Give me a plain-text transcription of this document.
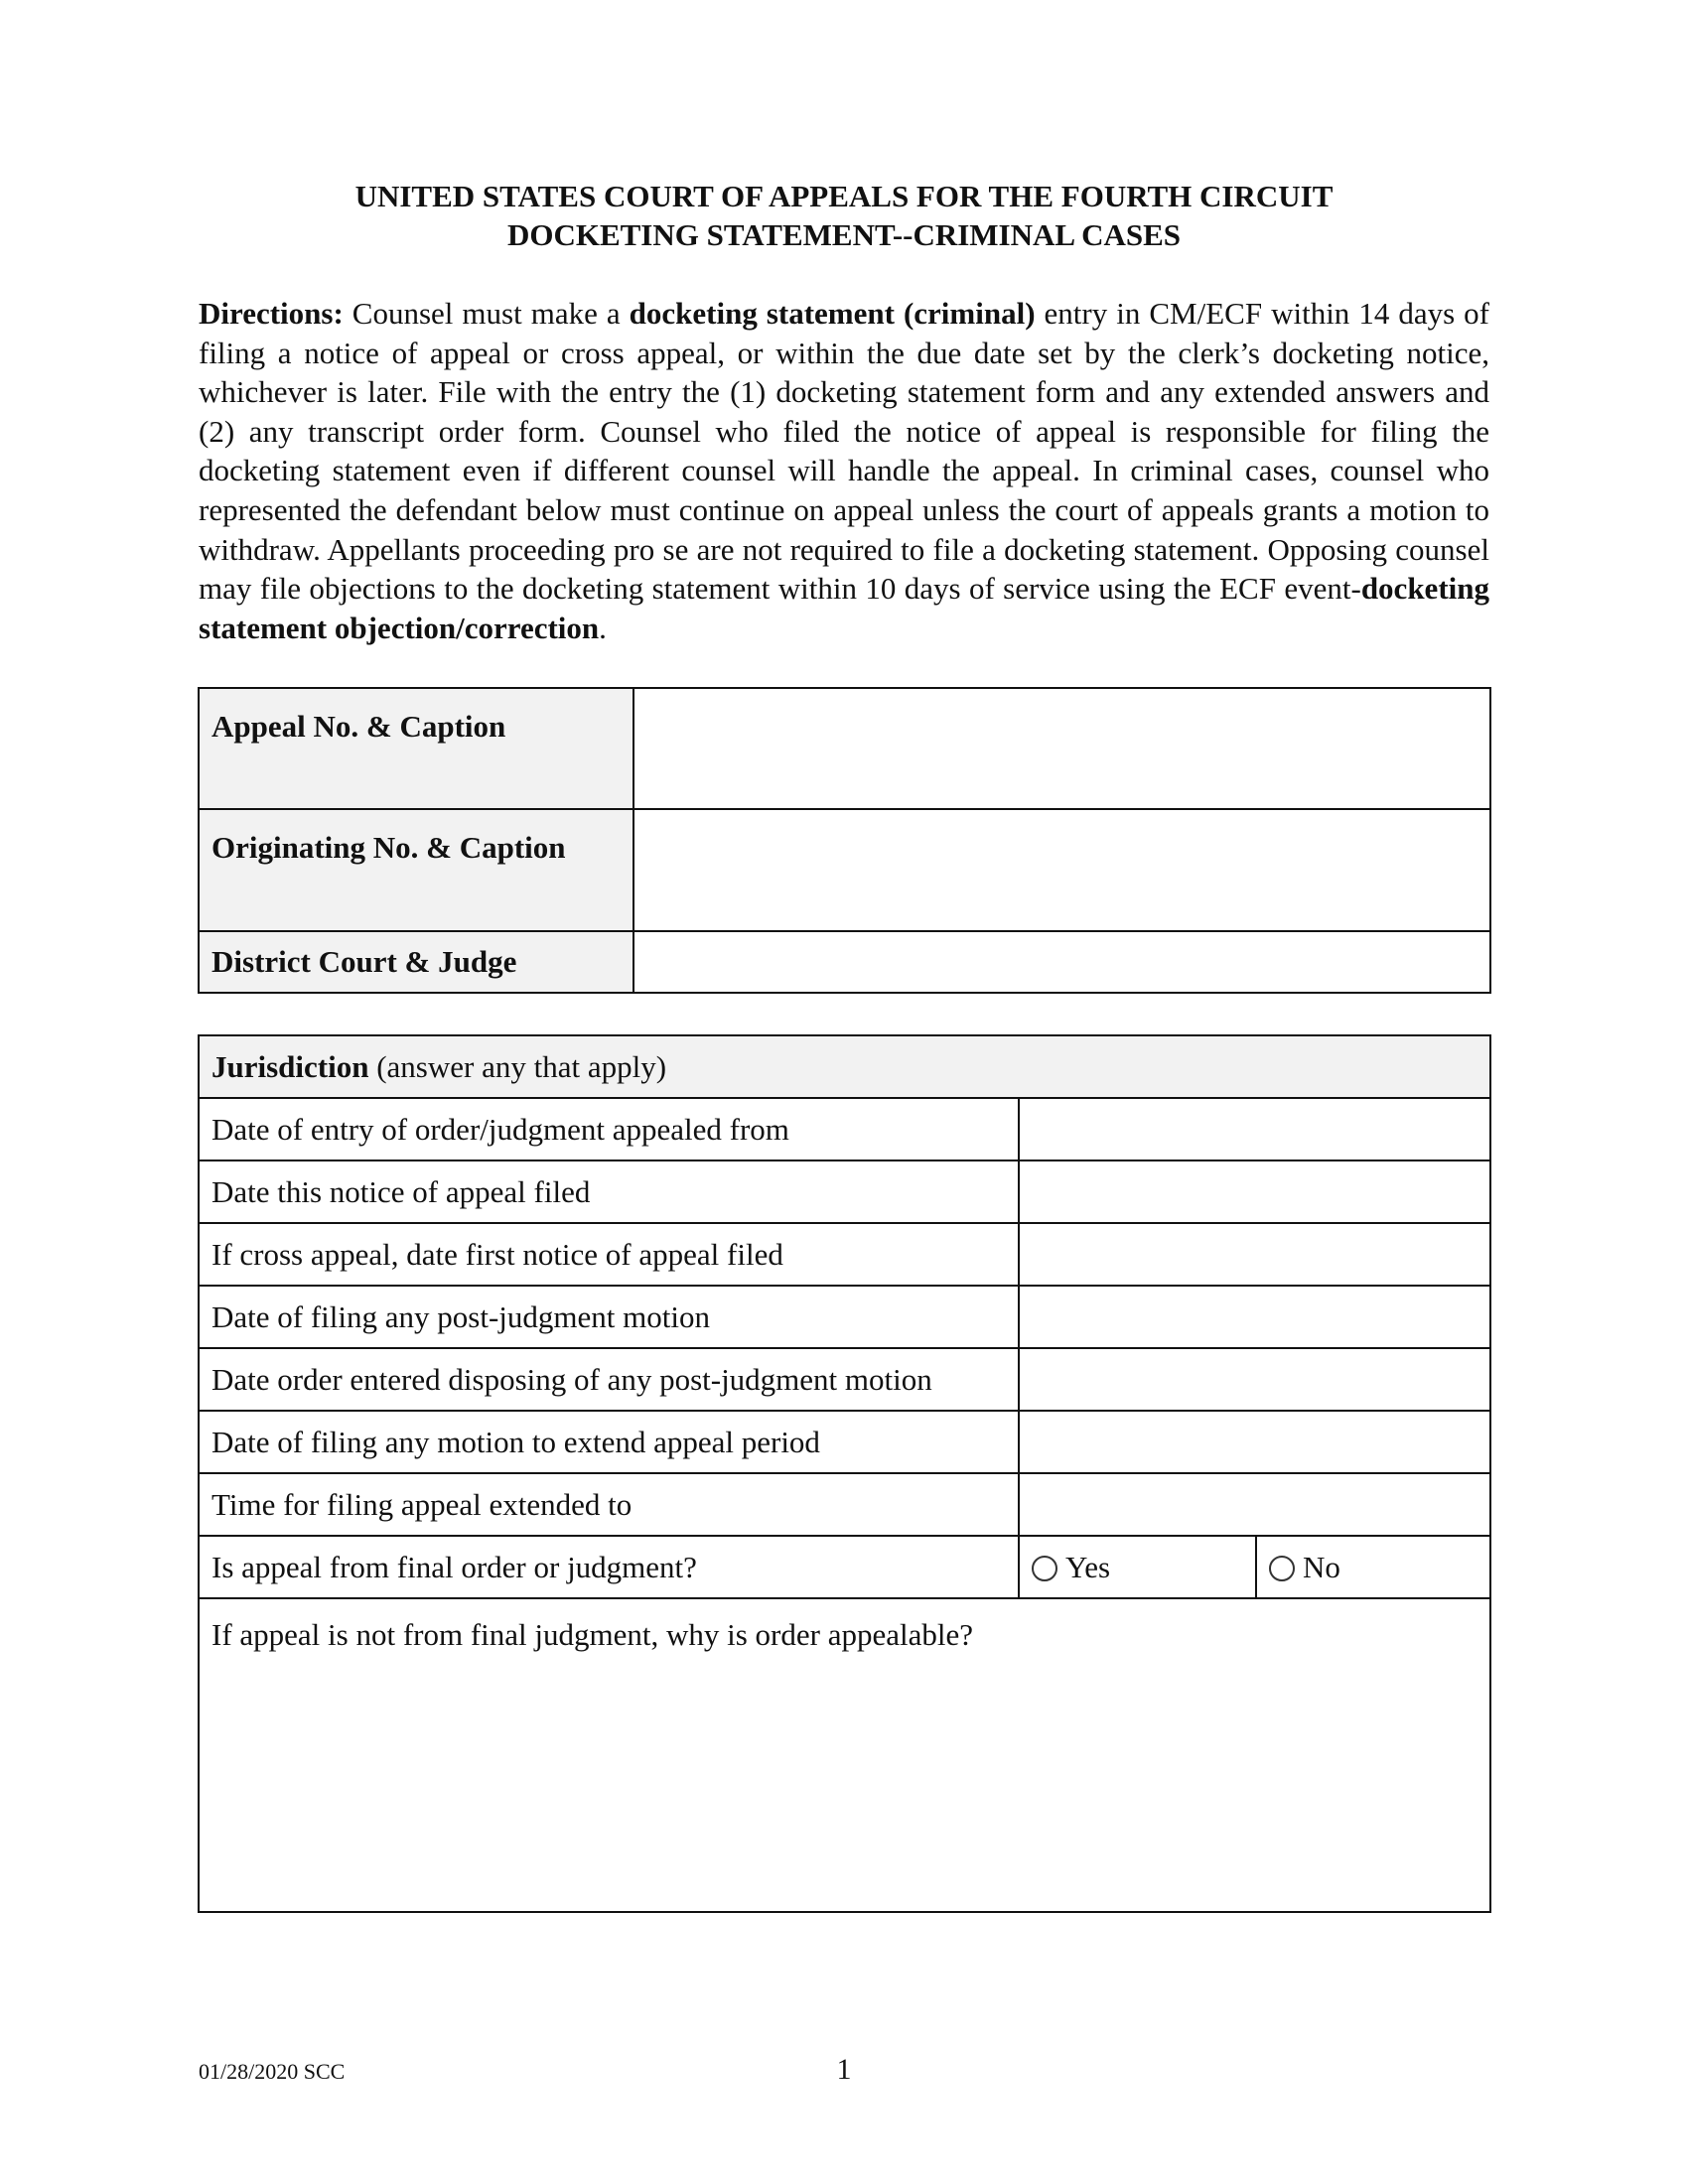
UNITED STATES COURT OF APPEALS FOR THE FOURTH CIRCUIT
DOCKETING STATEMENT--CRIMINAL CASES
Directions: Counsel must make a docketing statement (criminal) entry in CM/ECF within 14 days of filing a notice of appeal or cross appeal, or within the due date set by the clerk’s docketing notice, whichever is later. File with the entry the (1) docketing statement form and any extended answers and (2) any transcript order form. Counsel who filed the notice of appeal is responsible for filing the docketing statement even if different counsel will handle the appeal. In criminal cases, counsel who represented the defendant below must continue on appeal unless the court of appeals grants a motion to withdraw. Appellants proceeding pro se are not required to file a docketing statement. Opposing counsel may file objections to the docketing statement within 10 days of service using the ECF event-docketing statement objection/correction.
Appeal No. & Caption	
Originating No. & Caption	
District Court & Judge	
Jurisdiction (answer any that apply)		
Date of entry of order/judgment appealed from		
Date this notice of appeal filed		
If cross appeal, date first notice of appeal filed		
Date of filing any post-judgment motion		
Date order entered disposing of any post-judgment motion		
Date of filing any motion to extend appeal period		
Time for filing appeal extended to		
Is appeal from final order or judgment?	Yes	No

If appeal is not from final judgment, why is order appealable?		
01/28/2020 SCC	1
